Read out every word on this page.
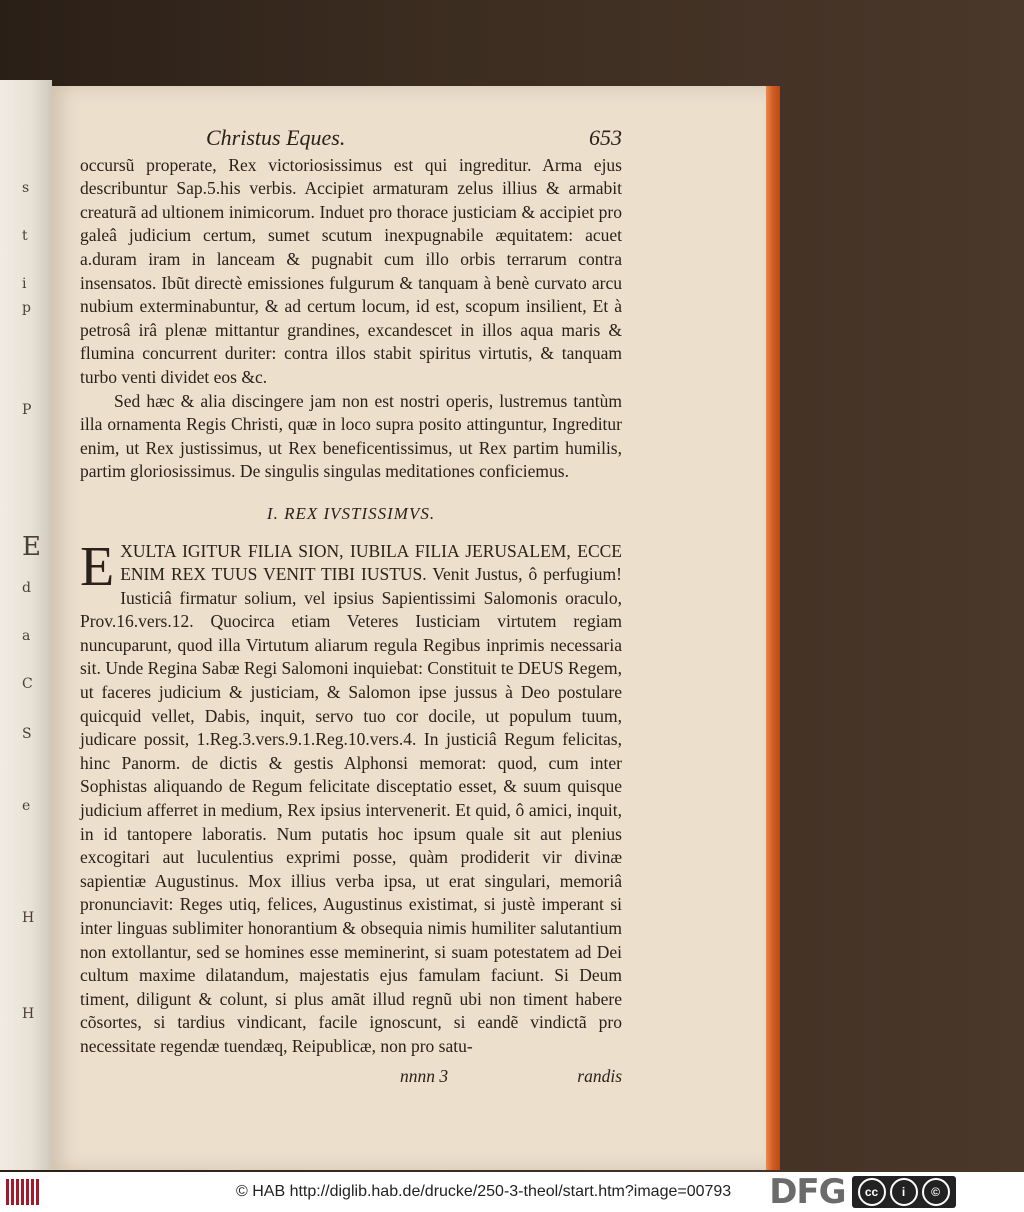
s
t
i
p
P
E
d
a
C
S
e
H
H
Christus Eques.	653

occursũ properate, Rex victoriosissimus est qui ingreditur. Arma ejus describuntur Sap.5.his verbis. Accipiet armaturam zelus illius & armabit creaturã ad ultionem inimicorum. Induet pro thorace justiciam & accipiet pro galeâ judicium certum, sumet scutum inexpugnabile æquitatem: acuet a.duram iram in lanceam & pugnabit cum illo orbis terrarum contra insensatos. Ibũt directè emissiones fulgurum & tanquam à benè curvato arcu nubium exterminabuntur, & ad certum locum, id est, scopum insilient, Et à petrosâ irâ plenæ mittantur grandines, excandescet in illos aqua maris & flumina concurrent duriter: contra illos stabit spiritus virtutis, & tanquam turbo venti dividet eos &c.

Sed hæc & alia discingere jam non est nostri operis, lustremus tantùm illa ornamenta Regis Christi, quæ in loco supra posito attinguntur, Ingreditur enim, ut Rex justissimus, ut Rex beneficentissimus, ut Rex partim humilis, partim gloriosissimus. De singulis singulas meditationes conficiemus.

I. REX IVSTISSIMVS.

EXULTA IGITUR FILIA SION, IUBILA FILIA JERUSALEM, ECCE ENIM REX TUUS VENIT TIBI IUSTUS. Venit Justus, ô perfugium! Iusticiâ firmatur solium, vel ipsius Sapientissimi Salomonis oraculo, Prov.16.vers.12. Quocirca etiam Veteres Iusticiam virtutem regiam nuncuparunt, quod illa Virtutum aliarum regula Regibus inprimis necessaria sit. Unde Regina Sabæ Regi Salomoni inquiebat: Constituit te DEUS Regem, ut faceres judicium & justiciam, & Salomon ipse jussus à Deo postulare quicquid vellet, Dabis, inquit, servo tuo cor docile, ut populum tuum, judicare possit, 1.Reg.3.vers.9.1.Reg.10.vers.4. In justiciâ Regum felicitas, hinc Panorm. de dictis & gestis Alphonsi memorat: quod, cum inter Sophistas aliquando de Regum felicitate disceptatio esset, & suum quisque judicium afferret in medium, Rex ipsius intervenerit. Et quid, ô amici, inquit, in id tantopere laboratis. Num putatis hoc ipsum quale sit aut plenius excogitari aut luculentius exprimi posse, quàm prodiderit vir divinæ sapientiæ Augustinus. Mox illius verba ipsa, ut erat singulari, memoriâ pronunciavit: Reges utiq, felices, Augustinus existimat, si justè imperant si inter linguas sublimiter honorantium & obsequia nimis humiliter salutantium non extollantur, sed se homines esse meminerint, si suam potestatem ad Dei cultum maxime dilatandum, majestatis ejus famulam faciunt. Si Deum timent, diligunt & colunt, si plus amãt illud regnũ ubi non timent habere cõsortes, si tardius vindicant, facile ignoscunt, si eandẽ vindictã pro necessitate regendæ tuendæq, Reipublicæ, non pro satu-

nnnn 3	randis
© HAB http://diglib.hab.de/drucke/250-3-theol/start.htm?image=00793 DFG	cc	i	©
